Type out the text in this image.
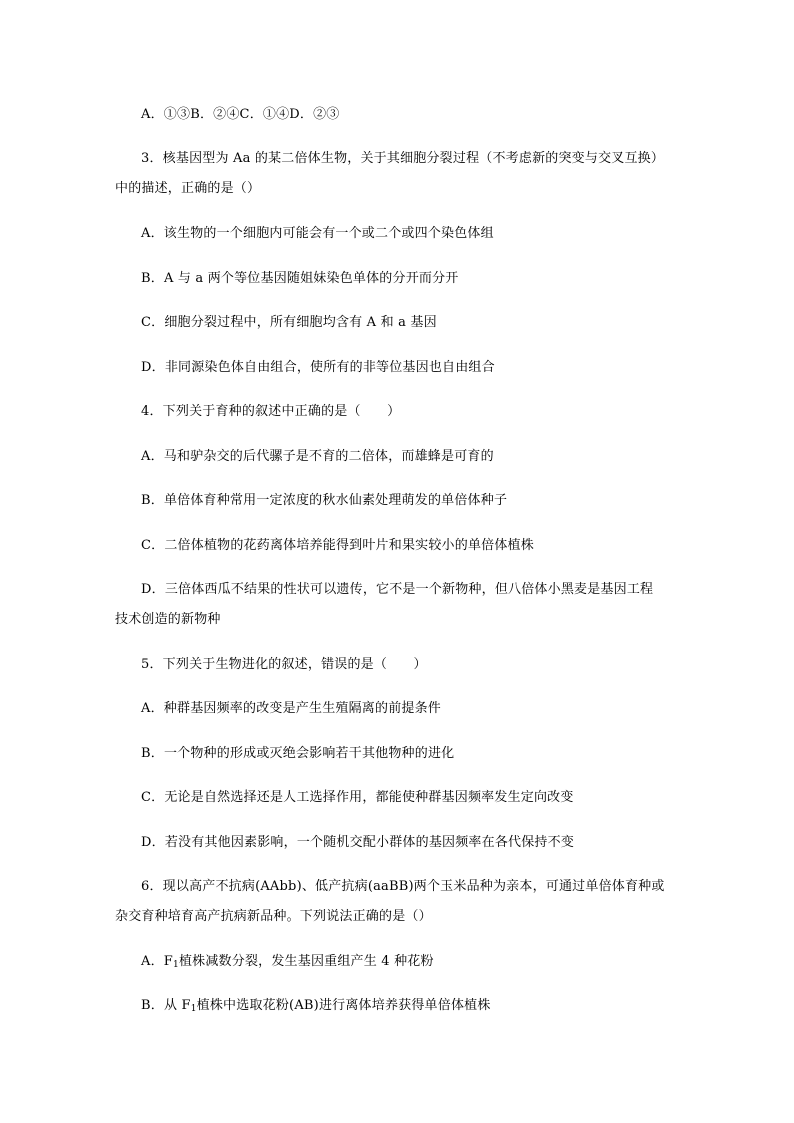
A．①③B．②④C．①④D．②③
3．核基因型为 Aa 的某二倍体生物，关于其细胞分裂过程（不考虑新的突变与交叉互换）
中的描述，正确的是（）
A．该生物的一个细胞内可能会有一个或二个或四个染色体组
B．A 与 a 两个等位基因随姐妹染色单体的分开而分开
C．细胞分裂过程中，所有细胞均含有 A 和 a 基因
D．非同源染色体自由组合，使所有的非等位基因也自由组合
4．下列关于育种的叙述中正确的是（　　）
A．马和驴杂交的后代骡子是不育的二倍体，而雄蜂是可育的
B．单倍体育种常用一定浓度的秋水仙素处理萌发的单倍体种子
C．二倍体植物的花药离体培养能得到叶片和果实较小的单倍体植株
D．三倍体西瓜不结果的性状可以遗传，它不是一个新物种，但八倍体小黑麦是基因工程
技术创造的新物种
5．下列关于生物进化的叙述，错误的是（　　）
A．种群基因频率的改变是产生生殖隔离的前提条件
B．一个物种的形成或灭绝会影响若干其他物种的进化
C．无论是自然选择还是人工选择作用，都能使种群基因频率发生定向改变
D．若没有其他因素影响，一个随机交配小群体的基因频率在各代保持不变
6．现以高产不抗病(AAbb)、低产抗病(aaBB)两个玉米品种为亲本，可通过单倍体育种或
杂交育种培育高产抗病新品种。下列说法正确的是（）
A．$F_1$植株减数分裂，发生基因重组产生 4 种花粉
B．从 $F_1$植株中选取花粉(AB)进行离体培养获得单倍体植株
